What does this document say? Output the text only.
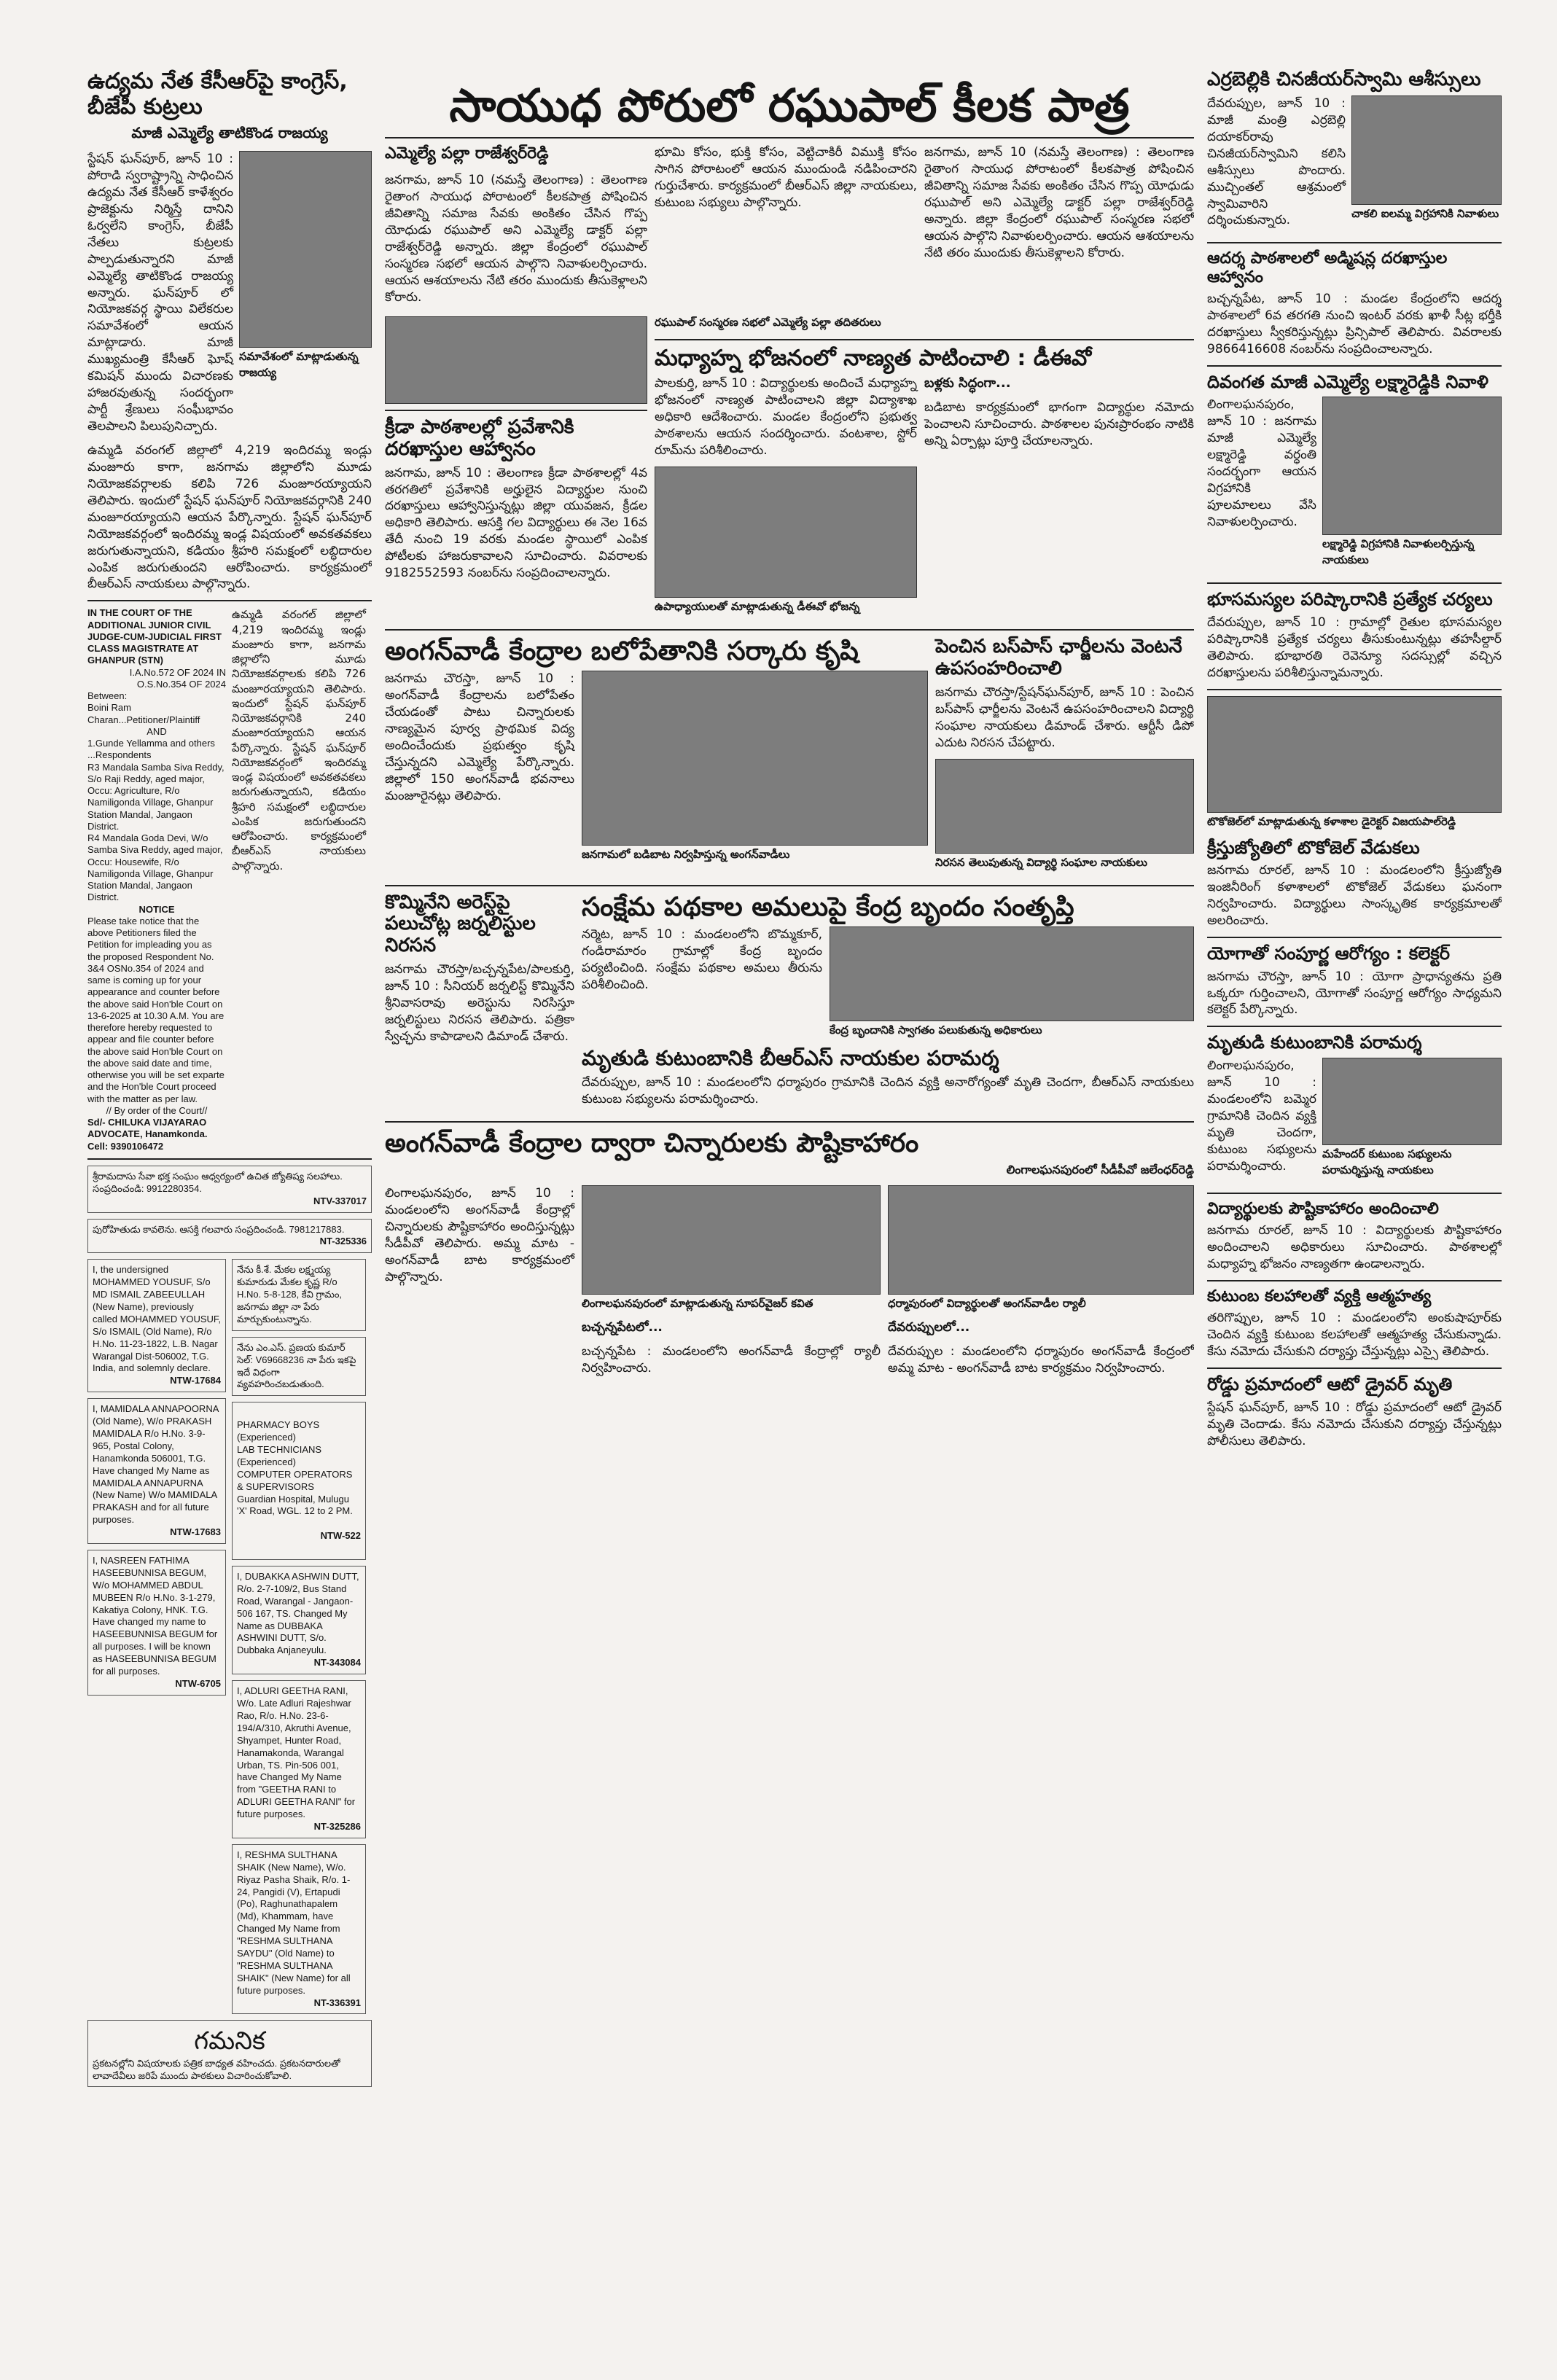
ఉద్యమ నేత కేసీఆర్‌పై కాంగ్రెస్‌, బీజేపీ కుట్రలు
మాజీ ఎమ్మెల్యే తాటికొండ రాజయ్య
స్టేషన్‌ ఘన్‌పూర్‌, జూన్‌ 10 : పోరాడి స్వరాష్ట్రాన్ని సాధించిన ఉద్యమ నేత కేసీఆర్‌ కాళేశ్వరం ప్రాజెక్టును నిర్మిస్తే దానిని ఓర్వలేని కాంగ్రెస్‌, బీజేపీ నేతలు కుట్రలకు పాల్పడుతున్నారని మాజీ ఎమ్మెల్యే తాటికొండ రాజయ్య అన్నారు. ఘన్‌పూర్‌ లో నియోజకవర్గ స్థాయి విలేకరుల సమావేశంలో ఆయన మాట్లాడారు. మాజీ ముఖ్యమంత్రి కేసీఆర్‌ ఘోష్‌ కమిషన్‌ ముందు విచారణకు హాజరవుతున్న సందర్భంగా పార్టీ శ్రేణులు సంఘీభావం తెలపాలని పిలుపునిచ్చారు.
సమావేశంలో మాట్లాడుతున్న రాజయ్య
ఉమ్మడి వరంగల్‌ జిల్లాలో 4,219 ఇందిరమ్మ ఇండ్లు మంజూరు కాగా, జనగామ జిల్లాలోని మూడు నియోజకవర్గాలకు కలిపి 726 మంజూరయ్యాయని తెలిపారు. ఇందులో స్టేషన్‌ ఘన్‌పూర్‌ నియోజకవర్గానికి 240 మంజూరయ్యాయని ఆయన పేర్కొన్నారు. స్టేషన్‌ ఘన్‌పూర్‌ నియోజకవర్గంలో ఇందిరమ్మ ఇండ్ల విషయంలో అవకతవకలు జరుగుతున్నాయని, కడియం శ్రీహరి సమక్షంలో లబ్ధిదారుల ఎంపిక జరుగుతుందని ఆరోపించారు. కార్యక్రమంలో బీఆర్‌ఎస్‌ నాయకులు పాల్గొన్నారు.
IN THE COURT OF THE ADDITIONAL JUNIOR CIVIL JUDGE-CUM-JUDICIAL FIRST CLASS MAGISTRATE AT GHANPUR (STN)
I.A.No.572 OF 2024 IN O.S.No.354 OF 2024
Between:
Boini Ram Charan...Petitioner/Plaintiff
AND
1.Gunde Yellamma and others ...Respondents
R3 Mandala Samba Siva Reddy, S/o Raji Reddy, aged major, Occu: Agriculture, R/o Namiligonda Village, Ghanpur Station Mandal, Jangaon District.
R4 Mandala Goda Devi, W/o Samba Siva Reddy, aged major, Occu: Housewife, R/o Namiligonda Village, Ghanpur Station Mandal, Jangaon District.
NOTICE
Please take notice that the above Petitioners filed the Petition for impleading you as the proposed Respondent No. 3&4 OSNo.354 of 2024 and same is coming up for your appearance and counter before the above said Hon'ble Court on 13-6-2025 at 10.30 A.M. You are therefore hereby requested to appear and file counter before the above said Hon'ble Court on the above said date and time, otherwise you will be set exparte and the Hon'ble Court proceed with the matter as per law.
// By order of the Court//
Sd/- CHILUKA VIJAYARAO ADVOCATE, Hanamkonda. Cell: 9390106472
ఉమ్మడి వరంగల్‌ జిల్లాలో 4,219 ఇందిరమ్మ ఇండ్లు మంజూరు కాగా, జనగామ జిల్లాలోని మూడు నియోజకవర్గాలకు కలిపి 726 మంజూరయ్యాయని తెలిపారు. ఇందులో స్టేషన్‌ ఘన్‌పూర్‌ నియోజకవర్గానికి 240 మంజూరయ్యాయని ఆయన పేర్కొన్నారు. స్టేషన్‌ ఘన్‌పూర్‌ నియోజకవర్గంలో ఇందిరమ్మ ఇండ్ల విషయంలో అవకతవకలు జరుగుతున్నాయని, కడియం శ్రీహరి సమక్షంలో లబ్ధిదారుల ఎంపిక జరుగుతుందని ఆరోపించారు. కార్యక్రమంలో బీఆర్‌ఎస్‌ నాయకులు పాల్గొన్నారు.
శ్రీరామదాసు సేవా భక్త సంఘం ఆధ్వర్యంలో ఉచిత జ్యోతిష్య సలహాలు. సంప్రదించండి: 9912280354.
NTV-337017
పురోహితుడు కావలెను. ఆసక్తి గలవారు సంప్రదించండి. 7981217883.
NT-325336
I, the undersigned MOHAMMED YOUSUF, S/o MD ISMAIL ZABEEULLAH (New Name), previously called MOHAMMED YOUSUF, S/o ISMAIL (Old Name), R/o H.No. 11-23-1822, L.B. Nagar Warangal Dist-506002, T.G. India, and solemnly declare.
NTW-17684
I, MAMIDALA ANNAPOORNA (Old Name), W/o PRAKASH MAMIDALA R/o H.No. 3-9-965, Postal Colony, Hanamkonda 506001, T.G. Have changed My Name as MAMIDALA ANNAPURNA (New Name) W/o MAMIDALA PRAKASH and for all future purposes.
NTW-17683
I, NASREEN FATHIMA HASEEBUNNISA BEGUM, W/o MOHAMMED ABDUL MUBEEN R/o H.No. 3-1-279, Kakatiya Colony, HNK. T.G. Have changed my name to HASEEBUNNISA BEGUM for all purposes. I will be known as HASEEBUNNISA BEGUM for all purposes.
NTW-6705
నేను కీ.శే. మేకల లక్ష్మయ్య కుమారుడు మేకల కృష్ణ R/o H.No. 5-8-128, కేవి గ్రామం, జనగామ జిల్లా నా పేరు మార్చుకుంటున్నాను.
నేను ఎం.ఎస్‌. ప్రణయ కుమార్‌ సెల్‌: V69668236 నా పేరు ఇకపై ఇదే విధంగా వ్యవహరించబడుతుంది.

PHARMACY BOYS (Experienced)
LAB TECHNICIANS (Experienced)
COMPUTER OPERATORS & SUPERVISORS
Guardian Hospital, Mulugu 'X' Road, WGL. 12 to 2 PM.

NTW-522

I, DUBAKKA ASHWIN DUTT, R/o. 2-7-109/2, Bus Stand Road, Warangal - Jangaon-506 167, TS. Changed My Name as DUBBAKA ASHWINI DUTT, S/o. Dubbaka Anjaneyulu.
NT-343084
I, ADLURI GEETHA RANI, W/o. Late Adluri Rajeshwar Rao, R/o. H.No. 23-6-194/A/310, Akruthi Avenue, Shyampet, Hunter Road, Hanamakonda, Warangal Urban, TS. Pin-506 001, have Changed My Name from "GEETHA RANI to ADLURI GEETHA RANI" for future purposes.
NT-325286
I, RESHMA SULTHANA SHAIK (New Name), W/o. Riyaz Pasha Shaik, R/o. 1-24, Pangidi (V), Ertapudi (Po), Raghunathapalem (Md), Khammam, have Changed My Name from "RESHMA SULTHANA SAYDU" (Old Name) to "RESHMA SULTHANA SHAIK" (New Name) for all future purposes.
NT-336391
గమనిక
ప్రకటనల్లోని విషయాలకు పత్రిక బాధ్యత వహించదు. ప్రకటనదారులతో లావాదేవీలు జరిపే ముందు పాఠకులు విచారించుకోవాలి.
సాయుధ పోరులో రఘుపాల్‌ కీలక పాత్ర
ఎమ్మెల్యే పల్లా రాజేశ్వర్‌రెడ్డి
జనగామ, జూన్‌ 10 (నమస్తే తెలంగాణ) : తెలంగాణ రైతాంగ సాయుధ పోరాటంలో కీలకపాత్ర పోషించిన జీవితాన్ని సమాజ సేవకు అంకితం చేసిన గొప్ప యోధుడు రఘుపాల్‌ అని ఎమ్మెల్యే డాక్టర్‌ పల్లా రాజేశ్వర్‌రెడ్డి అన్నారు. జిల్లా కేంద్రంలో రఘుపాల్‌ సంస్మరణ సభలో ఆయన పాల్గొని నివాళులర్పించారు. ఆయన ఆశయాలను నేటి తరం ముందుకు తీసుకెళ్లాలని కోరారు.
భూమి కోసం, భుక్తి కోసం, వెట్టిచాకిరీ విముక్తి కోసం సాగిన పోరాటంలో ఆయన ముందుండి నడిపించారని గుర్తుచేశారు. కార్యక్రమంలో బీఆర్‌ఎస్‌ జిల్లా నాయకులు, కుటుంబ సభ్యులు పాల్గొన్నారు.
జనగామ, జూన్‌ 10 (నమస్తే తెలంగాణ) : తెలంగాణ రైతాంగ సాయుధ పోరాటంలో కీలకపాత్ర పోషించిన జీవితాన్ని సమాజ సేవకు అంకితం చేసిన గొప్ప యోధుడు రఘుపాల్‌ అని ఎమ్మెల్యే డాక్టర్‌ పల్లా రాజేశ్వర్‌రెడ్డి అన్నారు. జిల్లా కేంద్రంలో రఘుపాల్‌ సంస్మరణ సభలో ఆయన పాల్గొని నివాళులర్పించారు. ఆయన ఆశయాలను నేటి తరం ముందుకు తీసుకెళ్లాలని కోరారు.
క్రీడా పాఠశాలల్లో ప్రవేశానికి దరఖాస్తుల ఆహ్వానం
జనగామ, జూన్‌ 10 : తెలంగాణ క్రీడా పాఠశాలల్లో 4వ తరగతిలో ప్రవేశానికి అర్హులైన విద్యార్థుల నుంచి దరఖాస్తులు ఆహ్వానిస్తున్నట్లు జిల్లా యువజన, క్రీడల అధికారి తెలిపారు. ఆసక్తి గల విద్యార్థులు ఈ నెల 16వ తేదీ నుంచి 19 వరకు మండల స్థాయిలో ఎంపిక పోటీలకు హాజరుకావాలని సూచించారు. వివరాలకు 9182552593 నంబర్‌ను సంప్రదించాలన్నారు.
రఘుపాల్‌ సంస్మరణ సభలో ఎమ్మెల్యే పల్లా తదితరులు
మధ్యాహ్న భోజనంలో నాణ్యత పాటించాలి : డీఈవో
పాలకుర్తి, జూన్‌ 10 : విద్యార్థులకు అందించే మధ్యాహ్న భోజనంలో నాణ్యత పాటించాలని జిల్లా విద్యాశాఖ అధికారి ఆదేశించారు. మండల కేంద్రంలోని ప్రభుత్వ పాఠశాలను ఆయన సందర్శించారు. వంటశాల, స్టోర్‌ రూమ్‌ను పరిశీలించారు.
ఉపాధ్యాయులతో మాట్లాడుతున్న డీఈవో భోజన్న
బళ్లకు సిద్ధంగా...
బడిబాట కార్యక్రమంలో భాగంగా విద్యార్థుల నమోదు పెంచాలని సూచించారు. పాఠశాలల పునఃప్రారంభం నాటికి అన్ని ఏర్పాట్లు పూర్తి చేయాలన్నారు.
అంగన్‌వాడీ కేంద్రాల బలోపేతానికి సర్కారు కృషి
జనగామ చౌరస్తా, జూన్‌ 10 : అంగన్‌వాడీ కేంద్రాలను బలోపేతం చేయడంతో పాటు చిన్నారులకు నాణ్యమైన పూర్వ ప్రాథమిక విద్య అందించేందుకు ప్రభుత్వం కృషి చేస్తున్నదని ఎమ్మెల్యే పేర్కొన్నారు. జిల్లాలో 150 అంగన్‌వాడీ భవనాలు మంజూరైనట్లు తెలిపారు.
జనగామలో బడిబాట నిర్వహిస్తున్న అంగన్‌వాడీలు
పెంచిన బస్‌పాస్‌ ఛార్జీలను వెంటనే ఉపసంహరించాలి
జనగామ చౌరస్తా/స్టేషన్‌ఘన్‌పూర్‌, జూన్‌ 10 : పెంచిన బస్‌పాస్‌ ఛార్జీలను వెంటనే ఉపసంహరించాలని విద్యార్థి సంఘాల నాయకులు డిమాండ్‌ చేశారు. ఆర్టీసీ డిపో ఎదుట నిరసన చేపట్టారు.
నిరసన తెలుపుతున్న విద్యార్థి సంఘాల నాయకులు
కొమ్మినేని అరెస్ట్‌పై పలుచోట్ల జర్నలిస్టుల నిరసన
జనగామ చౌరస్తా/బచ్చన్నపేట/పాలకుర్తి, జూన్‌ 10 : సీనియర్‌ జర్నలిస్ట్‌ కొమ్మినేని శ్రీనివాసరావు అరెస్టును నిరసిస్తూ జర్నలిస్టులు నిరసన తెలిపారు. పత్రికా స్వేచ్ఛను కాపాడాలని డిమాండ్‌ చేశారు.
సంక్షేమ పథకాల అమలుపై కేంద్ర బృందం సంతృప్తి
నర్మెట, జూన్‌ 10 : మండలంలోని బొమ్మకూర్‌, గండిరామారం గ్రామాల్లో కేంద్ర బృందం పర్యటించింది. సంక్షేమ పథకాల అమలు తీరును పరిశీలించింది.
కేంద్ర బృందానికి స్వాగతం పలుకుతున్న అధికారులు
మృతుడి కుటుంబానికి బీఆర్‌ఎస్‌ నాయకుల పరామర్శ
దేవరుప్పుల, జూన్‌ 10 : మండలంలోని ధర్మాపురం గ్రామానికి చెందిన వ్యక్తి అనారోగ్యంతో మృతి చెందగా, బీఆర్‌ఎస్‌ నాయకులు కుటుంబ సభ్యులను పరామర్శించారు.
అంగన్‌వాడీ కేంద్రాల ద్వారా చిన్నారులకు పౌష్టికాహారం
లింగాలఘనపురంలో సీడీపీవో జలేంధర్‌రెడ్డి
లింగాలఘనపురం, జూన్‌ 10 : మండలంలోని అంగన్‌వాడీ కేంద్రాల్లో చిన్నారులకు పౌష్టికాహారం అందిస్తున్నట్లు సీడీపీవో తెలిపారు. అమ్మ మాట - అంగన్‌వాడీ బాట కార్యక్రమంలో పాల్గొన్నారు.
లింగాలఘనపురంలో మాట్లాడుతున్న సూపర్‌వైజర్‌ కవిత
బచ్చన్నపేటలో...
బచ్చన్నపేట : మండలంలోని అంగన్‌వాడీ కేంద్రాల్లో ర్యాలీ నిర్వహించారు.
ధర్మాపురంలో విద్యార్థులతో అంగన్‌వాడీల ర్యాలీ
దేవరుప్పులలో...
దేవరుప్పుల : మండలంలోని ధర్మాపురం అంగన్‌వాడీ కేంద్రంలో అమ్మ మాట - అంగన్‌వాడీ బాట కార్యక్రమం నిర్వహించారు.
ఎర్రబెల్లికి చినజీయర్‌స్వామి ఆశీస్సులు
దేవరుప్పుల, జూన్‌ 10 : మాజీ మంత్రి ఎర్రబెల్లి దయాకర్‌రావు చినజీయర్‌స్వామిని కలిసి ఆశీస్సులు పొందారు. ముచ్చింతల్‌ ఆశ్రమంలో స్వామివారిని దర్శించుకున్నారు.	చాకలి ఐలమ్మ విగ్రహానికి నివాళులు
ఆదర్శ పాఠశాలలో అడ్మిషన్ల దరఖాస్తుల ఆహ్వానం
బచ్చన్నపేట, జూన్‌ 10 : మండల కేంద్రంలోని ఆదర్శ పాఠశాలలో 6వ తరగతి నుంచి ఇంటర్‌ వరకు ఖాళీ సీట్ల భర్తీకి దరఖాస్తులు స్వీకరిస్తున్నట్లు ప్రిన్సిపాల్‌ తెలిపారు. వివరాలకు 9866416608 నంబర్‌ను సంప్రదించాలన్నారు.
దివంగత మాజీ ఎమ్మెల్యే లక్ష్మారెడ్డికి నివాళి
లింగాలఘనపురం, జూన్‌ 10 : జనగామ మాజీ ఎమ్మెల్యే లక్ష్మారెడ్డి వర్ధంతి సందర్భంగా ఆయన విగ్రహానికి పూలమాలలు వేసి నివాళులర్పించారు.
లక్ష్మారెడ్డి విగ్రహానికి నివాళులర్పిస్తున్న నాయకులు
భూసమస్యల పరిష్కారానికి ప్రత్యేక చర్యలు
దేవరుప్పుల, జూన్‌ 10 : గ్రామాల్లో రైతుల భూసమస్యల పరిష్కారానికి ప్రత్యేక చర్యలు తీసుకుంటున్నట్లు తహసీల్దార్‌ తెలిపారు. భూభారతి రెవెన్యూ సదస్సుల్లో వచ్చిన దరఖాస్తులను పరిశీలిస్తున్నామన్నారు.
టొకోజెల్‌లో మాట్లాడుతున్న కళాశాల డైరెక్టర్‌ విజయపాల్‌రెడ్డి
క్రీస్తుజ్యోతిలో టొకోజెల్‌ వేడుకలు
జనగామ రూరల్‌, జూన్‌ 10 : మండలంలోని క్రీస్తుజ్యోతి ఇంజినీరింగ్‌ కళాశాలలో టొకోజెల్‌ వేడుకలు ఘనంగా నిర్వహించారు. విద్యార్థులు సాంస్కృతిక కార్యక్రమాలతో అలరించారు.
యోగాతో సంపూర్ణ ఆరోగ్యం : కలెక్టర్‌
జనగామ చౌరస్తా, జూన్‌ 10 : యోగా ప్రాధాన్యతను ప్రతి ఒక్కరూ గుర్తించాలని, యోగాతో సంపూర్ణ ఆరోగ్యం సాధ్యమని కలెక్టర్‌ పేర్కొన్నారు.
మృతుడి కుటుంబానికి పరామర్శ
లింగాలఘనపురం, జూన్‌ 10 : మండలంలోని బమ్మెర గ్రామానికి చెందిన వ్యక్తి మృతి చెందగా, కుటుంబ సభ్యులను పరామర్శించారు.
మహేందర్‌ కుటుంబ సభ్యులను పరామర్శిస్తున్న నాయకులు
విద్యార్థులకు పౌష్టికాహారం అందించాలి
జనగామ రూరల్‌, జూన్‌ 10 : విద్యార్థులకు పౌష్టికాహారం అందించాలని అధికారులు సూచించారు. పాఠశాలల్లో మధ్యాహ్న భోజనం నాణ్యతగా ఉండాలన్నారు.
కుటుంబ కలహాలతో వ్యక్తి ఆత్మహత్య
తరిగొప్పుల, జూన్‌ 10 : మండలంలోని అంకుషాపూర్‌కు చెందిన వ్యక్తి కుటుంబ కలహాలతో ఆత్మహత్య చేసుకున్నాడు. కేసు నమోదు చేసుకుని దర్యాప్తు చేస్తున్నట్లు ఎస్సై తెలిపారు.
రోడ్డు ప్రమాదంలో ఆటో డ్రైవర్‌ మృతి
స్టేషన్‌ ఘన్‌పూర్‌, జూన్‌ 10 : రోడ్డు ప్రమాదంలో ఆటో డ్రైవర్‌ మృతి చెందాడు. కేసు నమోదు చేసుకుని దర్యాప్తు చేస్తున్నట్లు పోలీసులు తెలిపారు.
